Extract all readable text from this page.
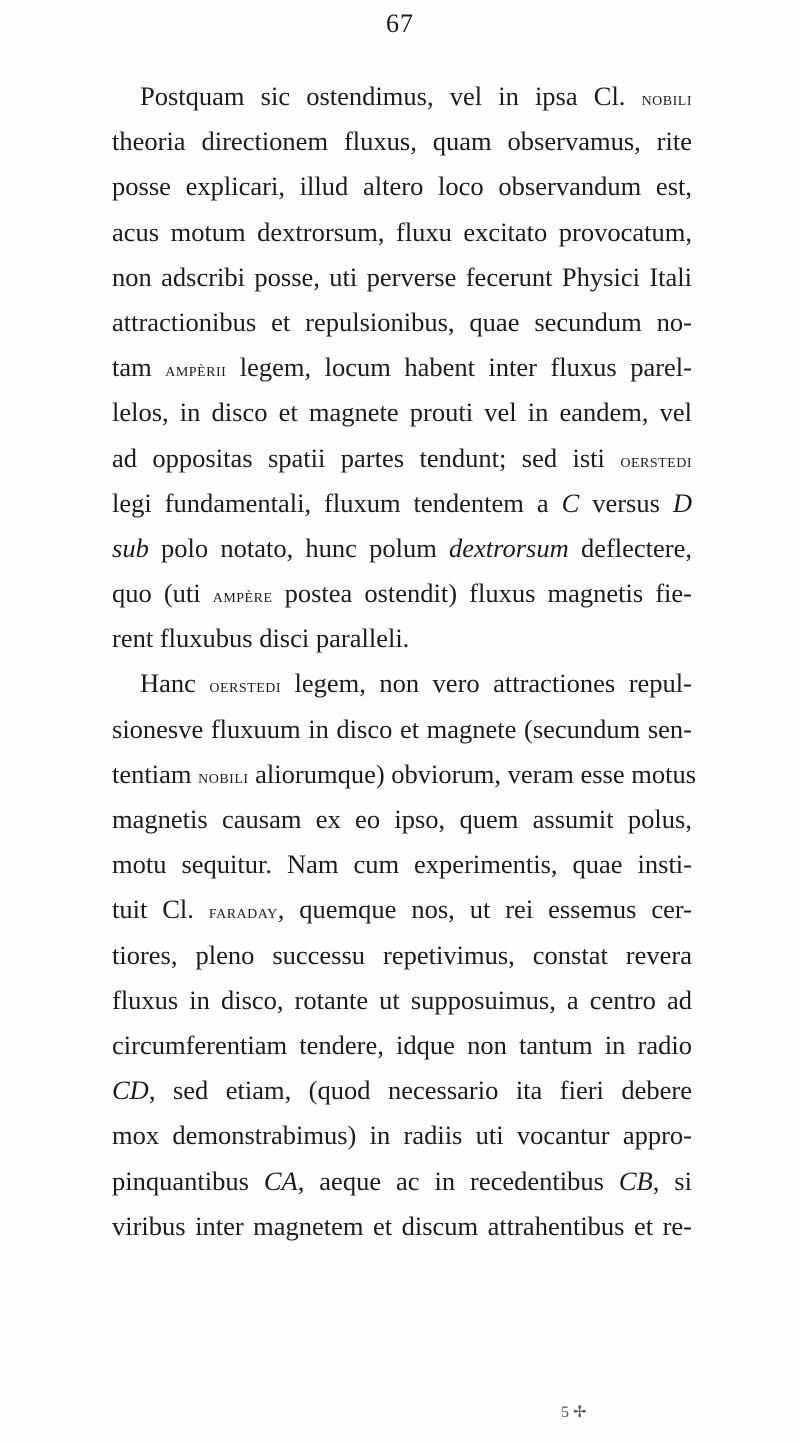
67
Postquam sic ostendimus, vel in ipsa Cl. nobili
theoria directionem fluxus, quam observamus, rite
posse explicari, illud altero loco observandum est,
acus motum dextrorsum, fluxu excitato provocatum,
non adscribi posse, uti perverse fecerunt Physici Itali
attractionibus et repulsionibus, quae secundum no-
tam ampèrii legem, locum habent inter fluxus parel-
lelos, in disco et magnete prouti vel in eandem, vel
ad oppositas spatii partes tendunt; sed isti oerstedi
legi fundamentali, fluxum tendentem a C versus D
sub polo notato, hunc polum dextrorsum deflectere,
quo (uti ampère postea ostendit) fluxus magnetis fie-
rent fluxubus disci paralleli.
Hanc oerstedi legem, non vero attractiones repul-
sionesve fluxuum in disco et magnete (secundum sen-
tentiam nobili aliorumque) obviorum, veram esse motus
magnetis causam ex eo ipso, quem assumit polus,
motu sequitur. Nam cum experimentis, quae insti-
tuit Cl. faraday, quemque nos, ut rei essemus cer-
tiores, pleno successu repetivimus, constat revera
fluxus in disco, rotante ut supposuimus, a centro ad
circumferentiam tendere, idque non tantum in radio
CD, sed etiam, (quod necessario ita fieri debere
mox demonstrabimus) in radiis uti vocantur appro-
pinquantibus CA, aeque ac in recedentibus CB, si
viribus inter magnetem et discum attrahentibus et re-
5 ✢
